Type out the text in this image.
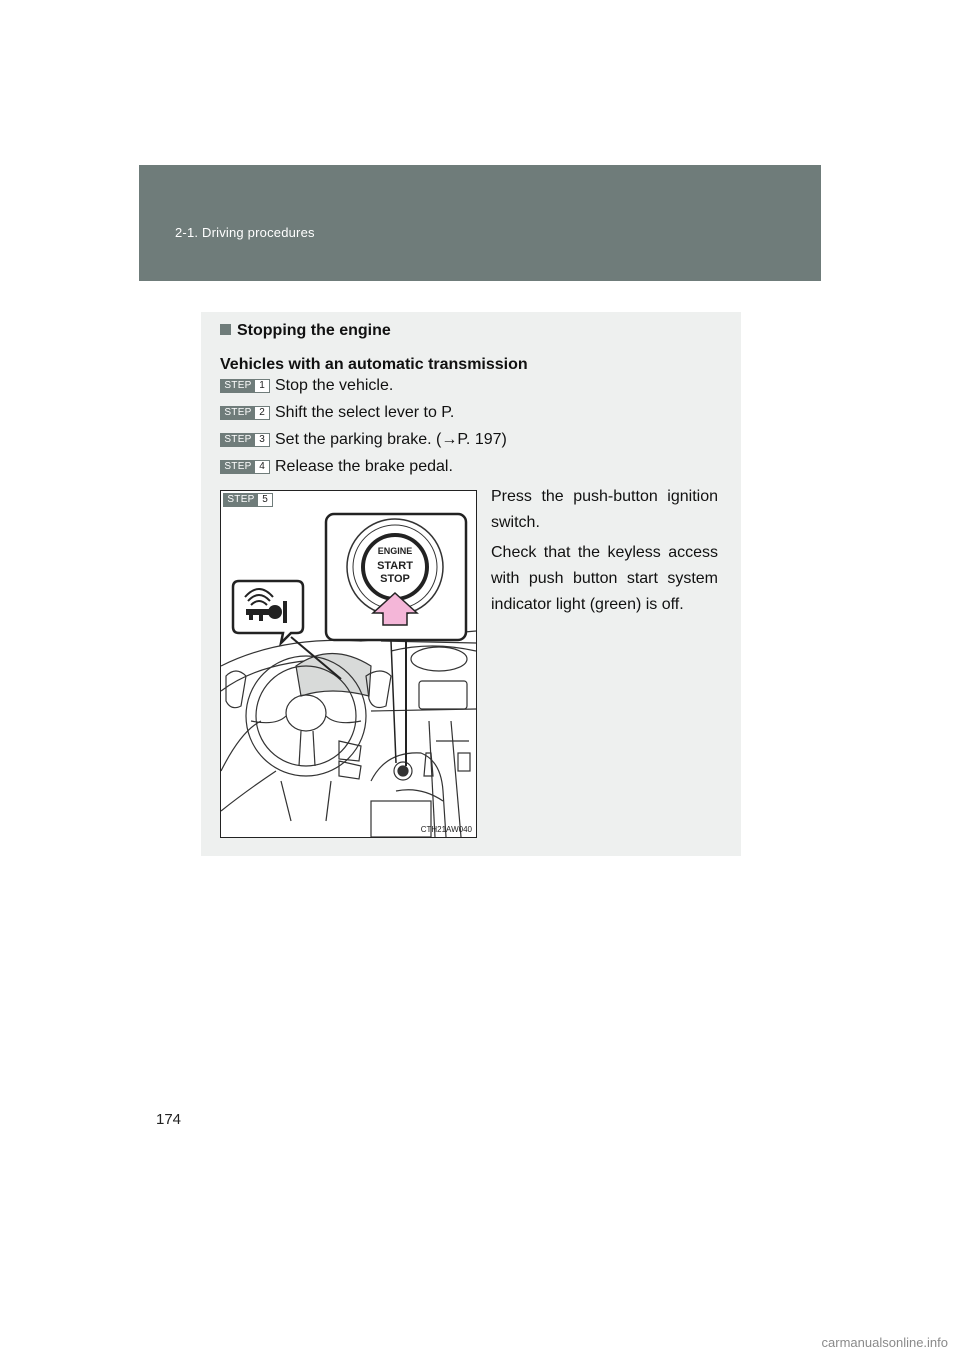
2-1. Driving procedures
Stopping the engine
Vehicles with an automatic transmission
STEP 1 Stop the vehicle.
STEP 2 Shift the select lever to P.
STEP 3 Set the parking brake. (→P. 197)
STEP 4 Release the brake pedal.
STEP 5
ENGINE
START
STOP
CTH21AW040
Press the push-button ignition switch.
Check that the keyless access with push button start system indicator light (green) is off.
174
carmanualsonline.info
